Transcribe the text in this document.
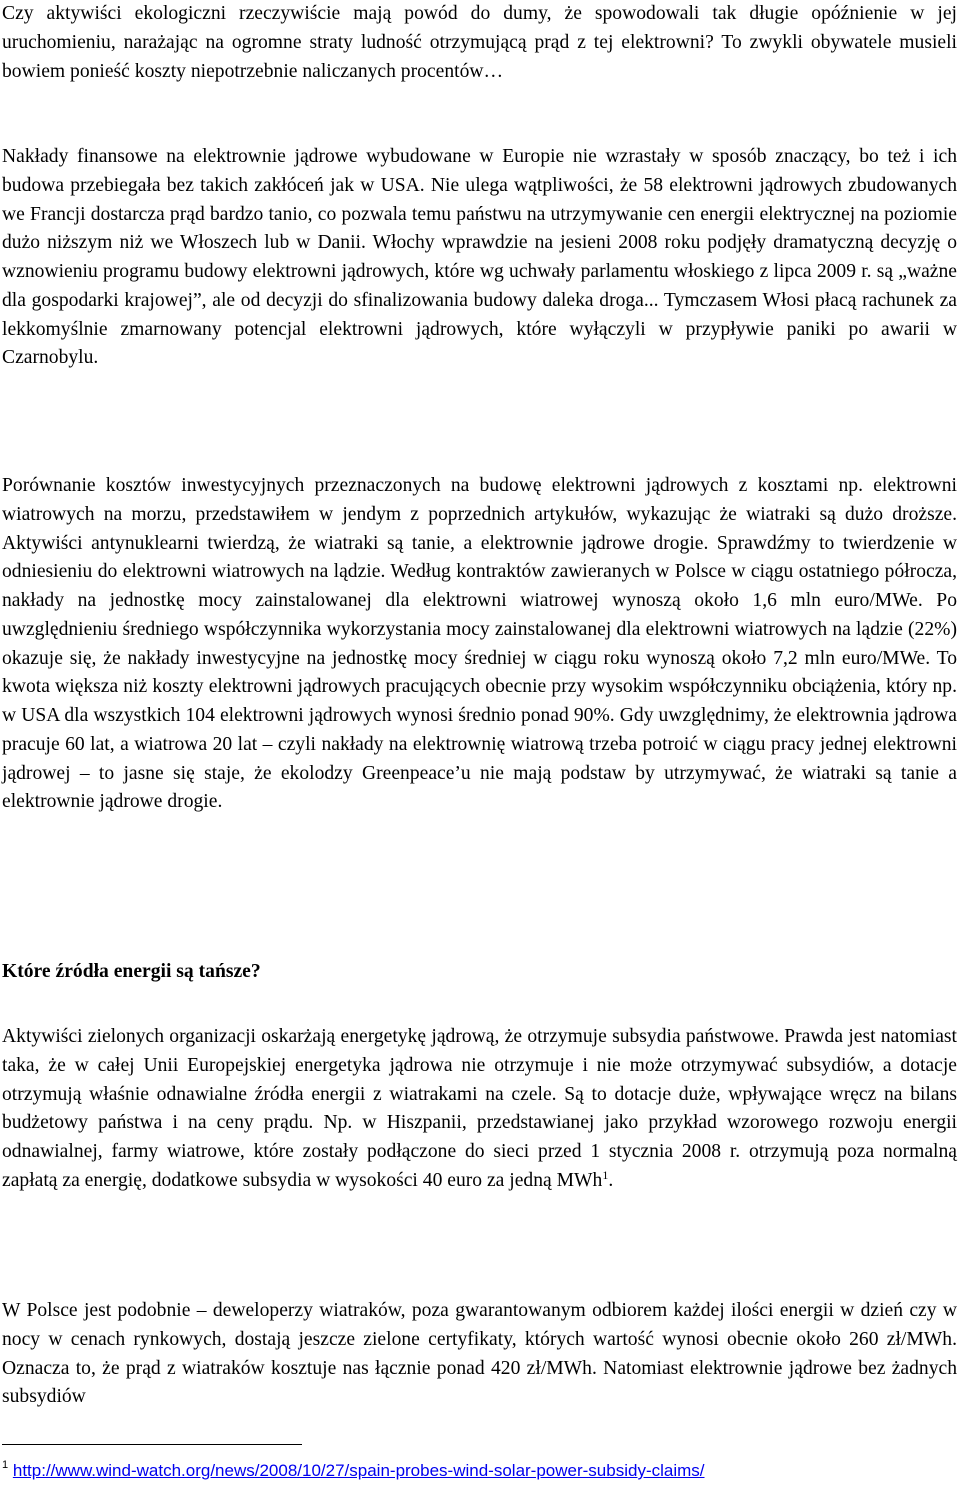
Czy aktywiści ekologiczni rzeczywiście mają powód do dumy, że spowodowali tak długie opóźnienie w jej uruchomieniu, narażając na ogromne straty ludność otrzymującą prąd z tej elektrowni? To zwykli obywatele musieli bowiem ponieść koszty niepotrzebnie naliczanych procentów…

Nakłady finansowe na elektrownie jądrowe wybudowane w Europie nie wzrastały w sposób znaczący, bo też i ich budowa przebiegała bez takich zakłóceń jak w USA. Nie ulega wątpliwości, że 58 elektrowni jądrowych zbudowanych we Francji dostarcza prąd bardzo tanio, co pozwala temu państwu na utrzymywanie cen energii elektrycznej na poziomie dużo niższym niż we Włoszech lub w Danii. Włochy wprawdzie na jesieni 2008 roku podjęły dramatyczną decyzję o wznowieniu programu budowy elektrowni jądrowych, które wg uchwały parlamentu włoskiego z lipca 2009 r. są „ważne dla gospodarki krajowej”, ale od decyzji do sfinalizowania budowy daleka droga... Tymczasem Włosi płacą rachunek za lekkomyślnie zmarnowany potencjal elektrowni jądrowych, które wyłączyli w przypływie paniki po awarii w Czarnobylu.

Porównanie kosztów inwestycyjnych przeznaczonych na budowę elektrowni jądrowych z kosztami np. elektrowni wiatrowych na morzu, przedstawiłem w jendym z poprzednich artykułów, wykazując że wiatraki są dużo droższe. Aktywiści antynuklearni twierdzą, że wiatraki są tanie, a elektrownie jądrowe drogie. Sprawdźmy to twierdzenie w odniesieniu do elektrowni wiatrowych na lądzie. Według kontraktów zawieranych w Polsce w ciągu ostatniego półrocza, nakłady na jednostkę mocy zainstalowanej dla elektrowni wiatrowej wynoszą około 1,6 mln euro/MWe. Po uwzględnieniu średniego współczynnika wykorzystania mocy zainstalowanej dla elektrowni wiatrowych na lądzie (22%) okazuje się, że nakłady inwestycyjne na jednostkę mocy średniej w ciągu roku wynoszą około 7,2 mln euro/MWe. To kwota większa niż koszty elektrowni jądrowych pracujących obecnie przy wysokim współczynniku obciążenia, który np. w USA dla wszystkich 104 elektrowni jądrowych wynosi średnio ponad 90%. Gdy uwzględnimy, że elektrownia jądrowa pracuje 60 lat, a wiatrowa 20 lat – czyli nakłady na elektrownię wiatrową trzeba potroić w ciągu pracy jednej elektrowni jądrowej – to jasne się staje, że ekolodzy Greenpeace’u nie mają podstaw by utrzymywać, że wiatraki są tanie a elektrownie jądrowe drogie.

Które źródła energii są tańsze?

Aktywiści zielonych organizacji oskarżają energetykę jądrową, że otrzymuje subsydia państwowe. Prawda jest natomiast taka, że w całej Unii Europejskiej energetyka jądrowa nie otrzymuje i nie może otrzymywać subsydiów, a dotacje otrzymują właśnie odnawialne źródła energii z wiatrakami na czele. Są to dotacje duże, wpływające wręcz na bilans budżetowy państwa i na ceny prądu. Np. w Hiszpanii, przedstawianej jako przykład wzorowego rozwoju energii odnawialnej, farmy wiatrowe, które zostały podłączone do sieci przed 1 stycznia 2008 r. otrzymują poza normalną zapłatą za energię, dodatkowe subsydia w wysokości 40 euro za jedną MWh$^1$.

W Polsce jest podobnie – deweloperzy wiatraków, poza gwarantowanym odbiorem każdej ilości energii w dzień czy w nocy w cenach rynkowych, dostają jeszcze zielone certyfikaty, których wartość wynosi obecnie około 260 zł/MWh. Oznacza to, że prąd z wiatraków kosztuje nas łącznie ponad 420 zł/MWh. Natomiast elektrownie jądrowe bez żadnych subsydiów

$^1$ http://www.wind-watch.org/news/2008/10/27/spain-probes-wind-solar-power-subsidy-claims/
